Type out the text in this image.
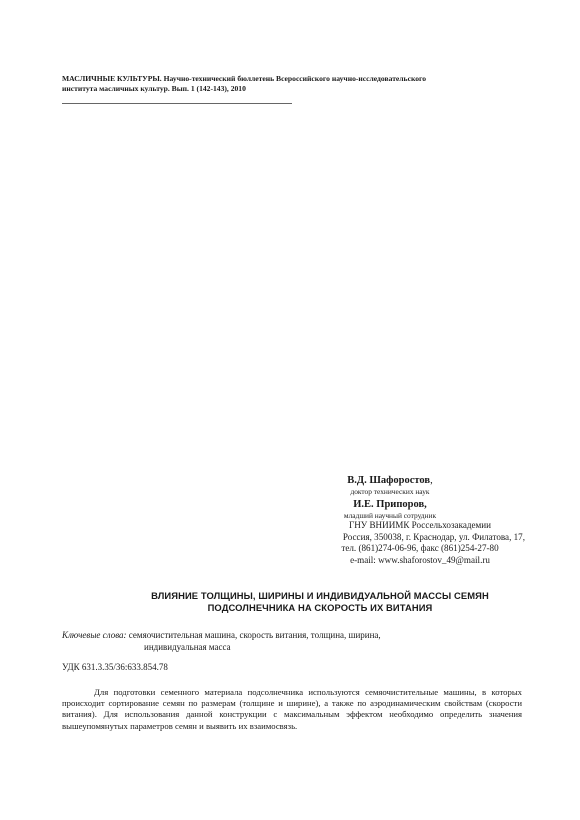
МАСЛИЧНЫЕ КУЛЬТУРЫ. Научно-технический бюллетень Всероссийского научно-исследовательского
института масличных культур. Вып. 1 (142-143), 2010
В.Д. Шафоростов,
доктор технических наук
И.Е. Припоров,
младший научный сотрудник
ГНУ ВНИИМК Россельхозакадемии
Россия, 350038, г. Краснодар, ул. Филатова, 17,
тел. (861)274-06-96, факс (861)254-27-80
e-mail: www.shaforostov_49@mail.ru
ВЛИЯНИЕ ТОЛЩИНЫ, ШИРИНЫ И ИНДИВИДУАЛЬНОЙ МАССЫ СЕМЯН
ПОДСОЛНЕЧНИКА НА СКОРОСТЬ ИХ ВИТАНИЯ
Ключевые слова: семяочистительная машина, скорость витания, толщина, ширина,
индивидуальная масса
УДК 631.3.35/36:633.854.78
Для подготовки семенного материала подсолнечника используются семяочистительные машины, в которых происходит сортирование семян по размерам (толщине и ширине), а также по аэродинамическим свойствам (скорости витания). Для использования данной конструкции с максимальным эффектом необходимо определить значения вышеупомянутых параметров семян и выявить их взаимосвязь.
